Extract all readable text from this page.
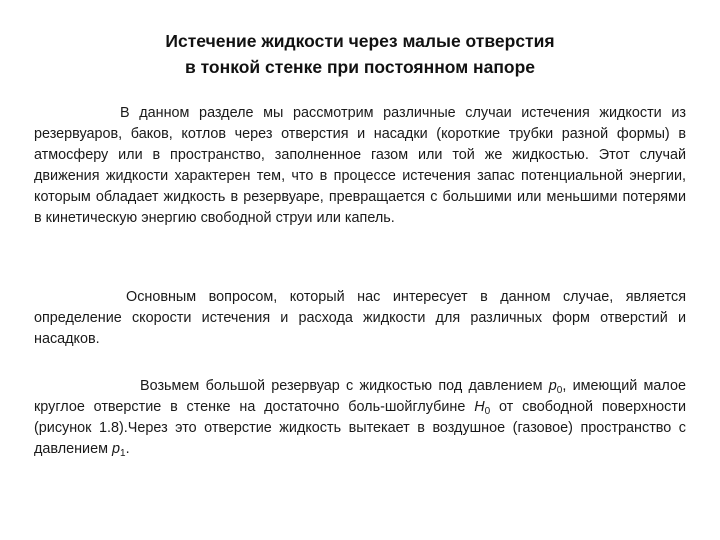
Истечение жидкости через малые отверстия
в тонкой стенке при постоянном напоре

В данном разделе мы рассмотрим различные случаи истечения жидкости из резервуаров, баков, котлов через отверстия и насадки (короткие трубки разной формы) в атмосферу или в пространство, заполненное газом или той же жидкостью. Этот случай движения жидкости характерен тем, что в процессе истечения запас потенциальной энергии, которым обладает жидкость в резервуаре, превращается с большими или меньшими потерями в кинетическую энергию свободной струи или капель.

Основным вопросом, который нас интересует в данном случае, является определение скорости истечения и расхода жидкости для различных форм отверстий и насадков.

Возьмем большой резервуар с жидкостью под давлением $p_0$, имеющий малое круглое отверстие в стенке на достаточно боль-шойглубине $H_0$ от свободной поверхности (рисунок 1.8).Через это отверстие жидкость вытекает в воздушное (газовое) пространство с давлением $p_1$.
